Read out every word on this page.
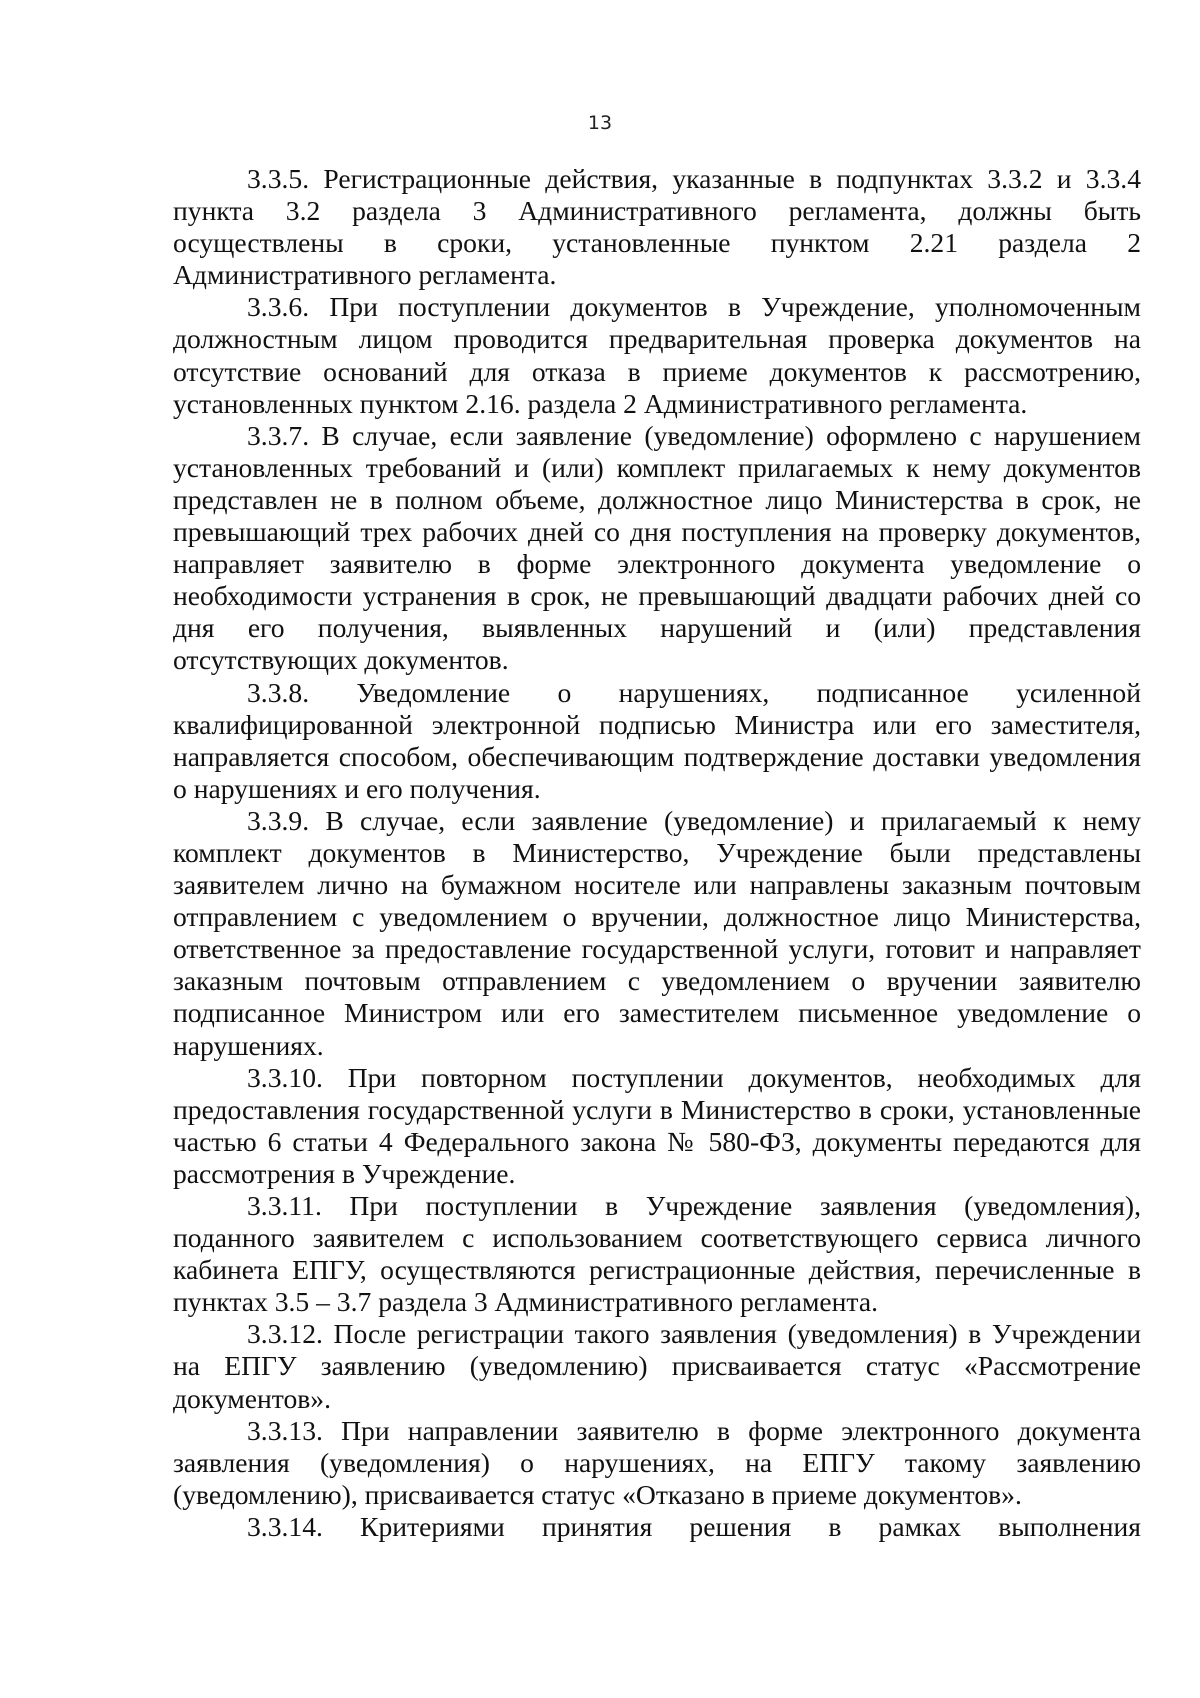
13

3.3.5. Регистрационные действия, указанные в подпунктах 3.3.2 и 3.3.4 пункта 3.2 раздела 3 Административного регламента, должны быть осуществлены в сроки, установленные пунктом 2.21 раздела 2 Административного регламента.

3.3.6. При поступлении документов в Учреждение, уполномоченным должностным лицом проводится предварительная проверка документов на отсутствие оснований для отказа в приеме документов к рассмотрению, установленных пунктом 2.16. раздела 2 Административного регламента.

3.3.7. В случае, если заявление (уведомление) оформлено с нарушением установленных требований и (или) комплект прилагаемых к нему документов представлен не в полном объеме, должностное лицо Министерства в срок, не превышающий трех рабочих дней со дня поступления на проверку документов, направляет заявителю в форме электронного документа уведомление о необходимости устранения в срок, не превышающий двадцати рабочих дней со дня его получения, выявленных нарушений и (или) представления отсутствующих документов.

3.3.8. Уведомление о нарушениях, подписанное усиленной квалифицированной электронной подписью Министра или его заместителя, направляется способом, обеспечивающим подтверждение доставки уведомления о нарушениях и его получения.

3.3.9. В случае, если заявление (уведомление) и прилагаемый к нему комплект документов в Министерство, Учреждение были представлены заявителем лично на бумажном носителе или направлены заказным почтовым отправлением с уведомлением о вручении, должностное лицо Министерства, ответственное за предоставление государственной услуги, готовит и направляет заказным почтовым отправлением с уведомлением о вручении заявителю подписанное Министром или его заместителем письменное уведомление о нарушениях.

3.3.10. При повторном поступлении документов, необходимых для предоставления государственной услуги в Министерство в сроки, установленные частью 6 статьи 4 Федерального закона № 580-ФЗ, документы передаются для рассмотрения в Учреждение.

3.3.11. При поступлении в Учреждение заявления (уведомления), поданного заявителем с использованием соответствующего сервиса личного кабинета ЕПГУ, осуществляются регистрационные действия, перечисленные в пунктах 3.5 – 3.7 раздела 3 Административного регламента.

3.3.12. После регистрации такого заявления (уведомления) в Учреждении на ЕПГУ заявлению (уведомлению) присваивается статус «Рассмотрение документов».

3.3.13. При направлении заявителю в форме электронного документа заявления (уведомления) о нарушениях, на ЕПГУ такому заявлению (уведомлению), присваивается статус «Отказано в приеме документов».

3.3.14. Критериями принятия решения в рамках выполнения
